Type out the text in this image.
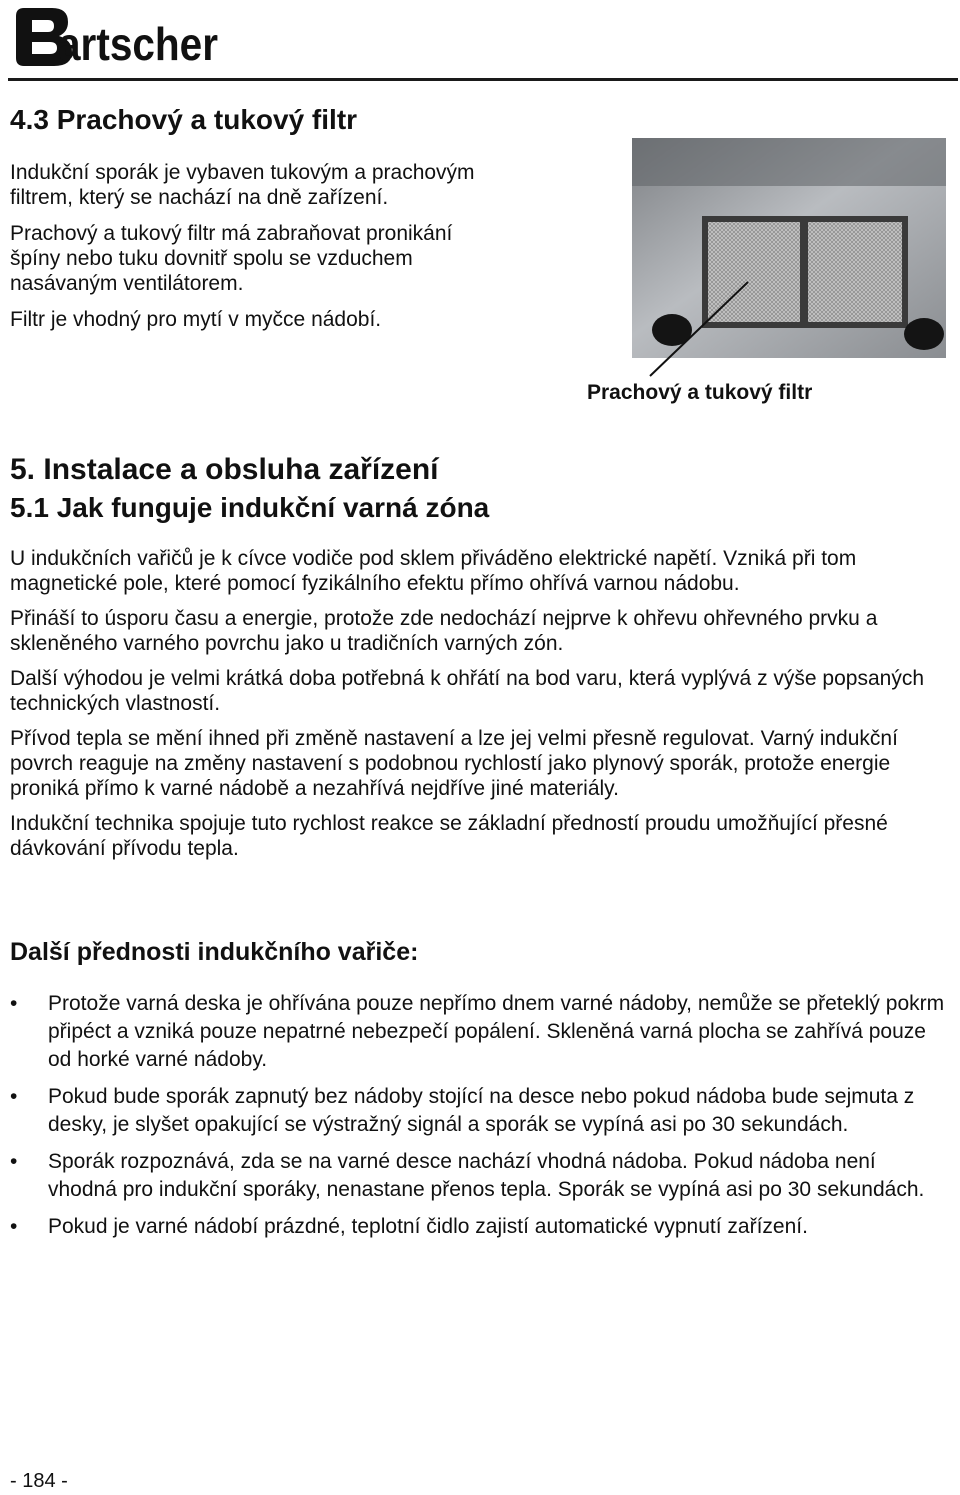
artscher
4.3 Prachový a tukový filtr

Indukční sporák je vybaven tukovým a prachovým filtrem, který se nachází na dně zařízení.

Prachový a tukový filtr má zabraňovat pronikání špíny nebo tuku dovnitř spolu se vzduchem nasávaným ventilátorem.

Filtr je vhodný pro mytí v myčce nádobí.

Prachový a tukový filtr
5. Instalace a obsluha zařízení
5.1 Jak funguje indukční varná zóna

U indukčních vařičů je k cívce vodiče pod sklem přiváděno elektrické napětí. Vzniká při tom magnetické pole, které pomocí fyzikálního efektu přímo ohřívá varnou nádobu.

Přináší to úsporu času a energie, protože zde nedochází nejprve k ohřevu ohřevného prvku a skleněného varného povrchu jako u tradičních varných zón.

Další výhodou je velmi krátká doba potřebná k ohřátí na bod varu, která vyplývá z výše popsaných technických vlastností.

Přívod tepla se mění ihned při změně nastavení a lze jej velmi přesně regulovat. Varný indukční povrch reaguje na změny nastavení s podobnou rychlostí jako plynový sporák, protože energie proniká přímo k varné nádobě a nezahřívá nejdříve jiné materiály.

Indukční technika spojuje tuto rychlost reakce se základní předností proudu umožňující přesné dávkování přívodu tepla.

Další přednosti indukčního vařiče:
• Protože varná deska je ohřívána pouze nepřímo dnem varné nádoby, nemůže se přeteklý pokrm připéct a vzniká pouze nepatrné nebezpečí popálení. Skleněná varná plocha se zahřívá pouze od horké varné nádoby.
• Pokud bude sporák zapnutý bez nádoby stojící na desce nebo pokud nádoba bude sejmuta z desky, je slyšet opakující se výstražný signál a sporák se vypíná asi po 30 sekundách.
• Sporák rozpoznává, zda se na varné desce nachází vhodná nádoba. Pokud nádoba není vhodná pro indukční sporáky, nenastane přenos tepla. Sporák se vypíná asi po 30 sekundách.
• Pokud je varné nádobí prázdné, teplotní čidlo zajistí automatické vypnutí zařízení.
- 184 -
